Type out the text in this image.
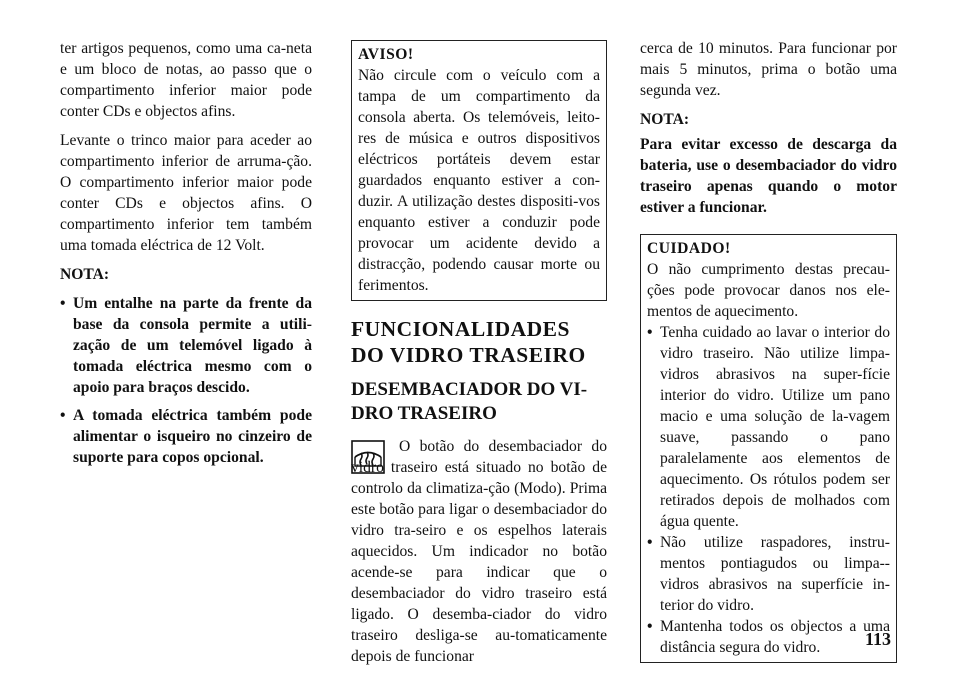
ter artigos pequenos, como uma ca-neta e um bloco de notas, ao passo que o compartimento inferior maior pode conter CDs e objectos afins.

Levante o trinco maior para aceder ao compartimento inferior de arruma-ção. O compartimento inferior maior pode conter CDs e objectos afins. O compartimento inferior tem também uma tomada eléctrica de 12 Volt.

NOTA:

• Um entalhe na parte da frente da base da consola permite a utili-zação de um telemóvel ligado à tomada eléctrica mesmo com o apoio para braços descido.
• A tomada eléctrica também pode alimentar o isqueiro no cinzeiro de suporte para copos opcional.
AVISO!

Não circule com o veículo com a tampa de um compartimento da consola aberta. Os telemóveis, leito-res de música e outros dispositivos eléctricos portáteis devem estar guardados enquanto estiver a con-duzir. A utilização destes dispositi-vos enquanto estiver a conduzir pode provocar um acidente devido a distracção, podendo causar morte ou ferimentos.

FUNCIONALIDADES DO VIDRO TRASEIRO
DESEMBACIADOR DO VI-DRO TRASEIRO

O botão do desembaciador do vidro traseiro está situado no botão de controlo da climatiza-ção (Modo). Prima este botão para ligar o desembaciador do vidro tra-seiro e os espelhos laterais aquecidos. Um indicador no botão acende-se para indicar que o desembaciador do vidro traseiro está ligado. O desemba-ciador do vidro traseiro desliga-se au-tomaticamente depois de funcionar

cerca de 10 minutos. Para funcionar por mais 5 minutos, prima o botão uma segunda vez.

NOTA:

Para evitar excesso de descarga da bateria, use o desembaciador do vidro traseiro apenas quando o motor estiver a funcionar.

CUIDADO!

O não cumprimento destas precau-ções pode provocar danos nos ele-mentos de aquecimento.

• Tenha cuidado ao lavar o interior do vidro traseiro. Não utilize limpa-vidros abrasivos na super-fície interior do vidro. Utilize um pano macio e uma solução de la-vagem suave, passando o pano paralelamente aos elementos de aquecimento. Os rótulos podem ser retirados depois de molhados com água quente.
• Não utilize raspadores, instru-mentos pontiagudos ou limpa--vidros abrasivos na superfície in-terior do vidro.
• Mantenha todos os objectos a uma distância segura do vidro.	113
